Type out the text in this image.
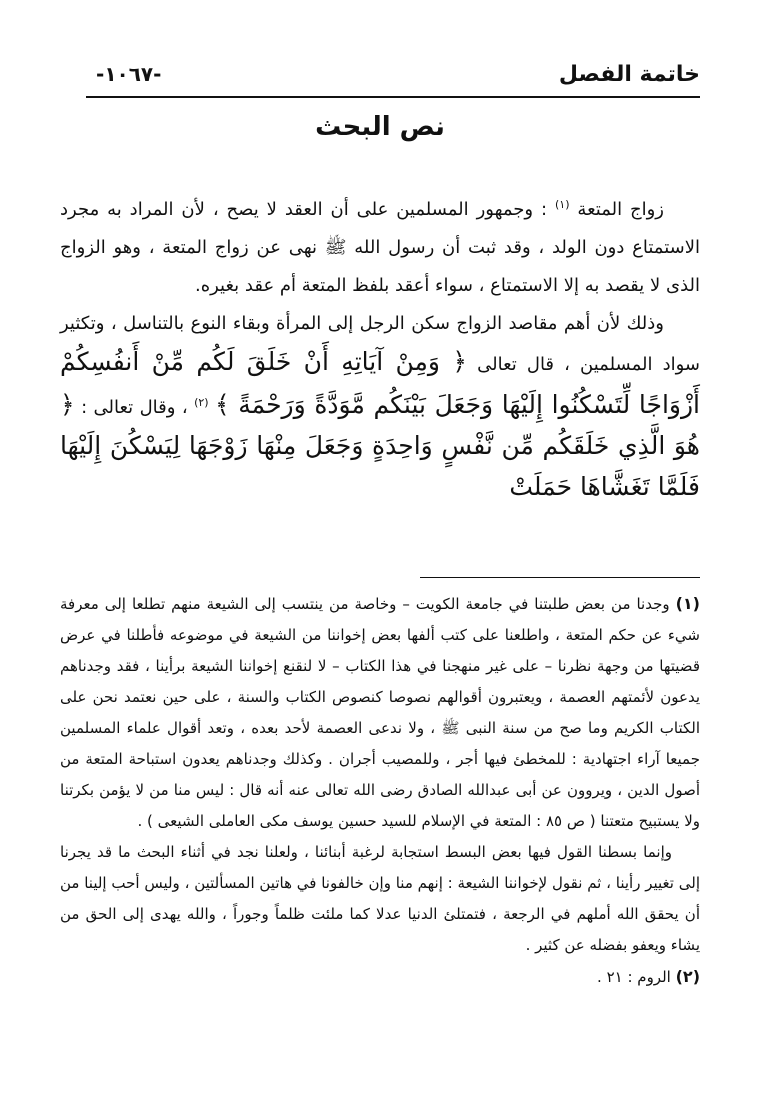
خاتمة الفصل
-١٠٦٧-
نص البحث

زواج المتعة $^{(١)}$ : وجمهور المسلمين على أن العقد لا يصح ، لأن المراد به مجرد الاستمتاع دون الولد ، وقد ثبت أن رسول الله ﷺ نهى عن زواج المتعة ، وهو الزواج الذى لا يقصد به إلا الاستمتاع ، سواء أعقد بلفظ المتعة أم عقد بغيره.

وذلك لأن أهم مقاصد الزواج سكن الرجل إلى المرأة وبقاء النوع بالتناسل ، وتكثير سواد المسلمين ، قال تعالى ﴿ وَمِنْ آيَاتِهِ أَنْ خَلَقَ لَكُم مِّنْ أَنفُسِكُمْ أَزْوَاجًا لِّتَسْكُنُوا إِلَيْهَا وَجَعَلَ بَيْنَكُم مَّوَدَّةً وَرَحْمَةً ﴾ $^{(٢)}$ ، وقال تعالى : ﴿ هُوَ الَّذِي خَلَقَكُم مِّن نَّفْسٍ وَاحِدَةٍ وَجَعَلَ مِنْهَا زَوْجَهَا لِيَسْكُنَ إِلَيْهَا فَلَمَّا تَغَشَّاهَا حَمَلَتْ

(١) وجدنا من بعض طلبتنا في جامعة الكويت – وخاصة من ينتسب إلى الشيعة منهم تطلعا إلى معرفة شيء عن حكم المتعة ، واطلعنا على كتب ألفها بعض إخواننا من الشيعة في موضوعه فأطلنا في عرض قضيتها من وجهة نظرنا – على غير منهجنا في هذا الكتاب – لا لنقنع إخواننا الشيعة برأينا ، فقد وجدناهم يدعون لأئمتهم العصمة ، ويعتبرون أقوالهم نصوصا كنصوص الكتاب والسنة ، على حين نعتمد نحن على الكتاب الكريم وما صح من سنة النبى ﷺ ، ولا ندعى العصمة لأحد بعده ، وتعد أقوال علماء المسلمين جميعا آراء اجتهادية : للمخطئ فيها أجر ، وللمصيب أجران . وكذلك وجدناهم يعدون استباحة المتعة من أصول الدين ، ويروون عن أبى عبدالله الصادق رضى الله تعالى عنه أنه قال : ليس منا من لا يؤمن بكرتنا ولا يستبيح متعتنا ( ص ٨٥ : المتعة في الإسلام للسيد حسين يوسف مكى العاملى الشيعى ) .

وإنما بسطنا القول فيها بعض البسط استجابة لرغبة أبنائنا ، ولعلنا نجد في أثناء البحث ما قد يجرنا إلى تغيير رأينا ، ثم نقول لإخواننا الشيعة : إنهم منا وإن خالفونا في هاتين المسألتين ، وليس أحب إلينا من أن يحقق الله أملهم في الرجعة ، فتمتلئ الدنيا عدلا كما ملئت ظلماً وجوراً ، والله يهدى إلى الحق من يشاء ويعفو بفضله عن كثير .

(٢) الروم : ٢١ .
